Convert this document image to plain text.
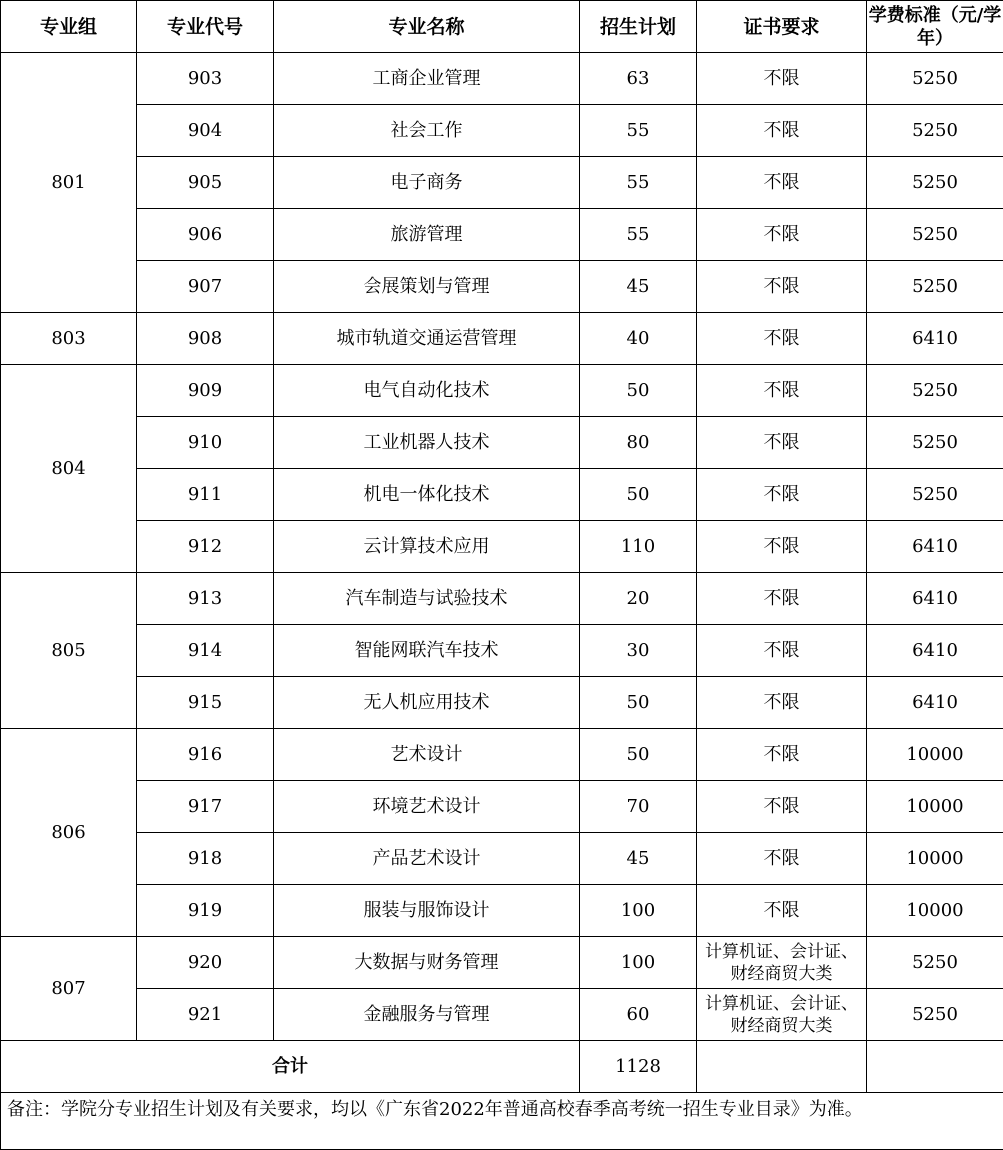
专业组	专业代号	专业名称	招生计划	证书要求	学费标准（元/学年）
801	903	工商企业管理	63	不限	5250
	904	社会工作	55	不限	5250
	905	电子商务	55	不限	5250
	906	旅游管理	55	不限	5250
	907	会展策划与管理	45	不限	5250
803	908	城市轨道交通运营管理	40	不限	6410
804	909	电气自动化技术	50	不限	5250
	910	工业机器人技术	80	不限	5250
	911	机电一体化技术	50	不限	5250
	912	云计算技术应用	110	不限	6410
805	913	汽车制造与试验技术	20	不限	6410
	914	智能网联汽车技术	30	不限	6410
	915	无人机应用技术	50	不限	6410
806	916	艺术设计	50	不限	10000
	917	环境艺术设计	70	不限	10000
	918	产品艺术设计	45	不限	10000
	919	服装与服饰设计	100	不限	10000
807	920	大数据与财务管理	100	计算机证、会计证、财经商贸大类	5250
	921	金融服务与管理	60	计算机证、会计证、财经商贸大类	5250
合计			1128		
备注：学院分专业招生计划及有关要求，均以《广东省2022年普通高校春季高考统一招生专业目录》为准。					
